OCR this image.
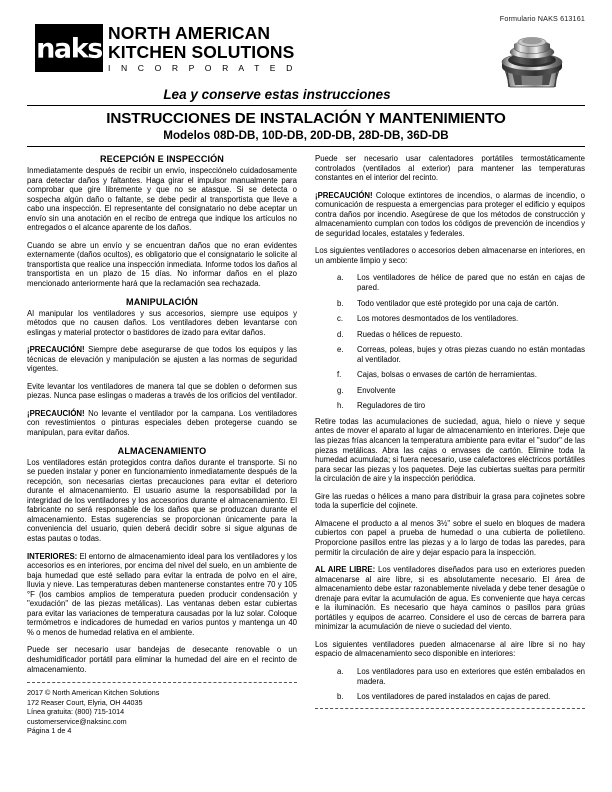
Formulario NAKS 613161
naks
NORTH AMERICAN
KITCHEN SOLUTIONS
I N C O R P O R A T E D
Lea y conserve estas instrucciones
INSTRUCCIONES DE INSTALACIÓN Y MANTENIMIENTO
Modelos 08D-DB, 10D-DB, 20D-DB, 28D-DB, 36D-DB
RECEPCIÓN E INSPECCIÓN

Inmediatamente después de recibir un envío, inspecciónelo cuidadosamente para detectar daños y faltantes. Haga girar el impulsor manualmente para comprobar que gire libremente y que no se atasque. Si se detecta o sospecha algún daño o faltante, se debe pedir al transportista que lleve a cabo una inspección. El representante del consignatario no debe aceptar un envío sin una anotación en el recibo de entrega que indique los artículos no entregados o el alcance aparente de los daños.

Cuando se abre un envío y se encuentran daños que no eran evidentes externamente (daños ocultos), es obligatorio que el consignatario le solicite al transportista que realice una inspección inmediata. Informe todos los daños al transportista en un plazo de 15 días. No informar daños en el plazo mencionado anteriormente hará que la reclamación sea rechazada.

MANIPULACIÓN

Al manipular los ventiladores y sus accesorios, siempre use equipos y métodos que no causen daños. Los ventiladores deben levantarse con eslingas y material protector o bastidores de izado para evitar daños.

¡PRECAUCIÓN! Siempre debe asegurarse de que todos los equipos y las técnicas de elevación y manipulación se ajusten a las normas de seguridad vigentes.

Evite levantar los ventiladores de manera tal que se doblen o deformen sus piezas. Nunca pase eslingas o maderas a través de los orificios del ventilador.

¡PRECAUCIÓN! No levante el ventilador por la campana. Los ventiladores con revestimientos o pinturas especiales deben protegerse cuando se manipulan, para evitar daños.

ALMACENAMIENTO

Los ventiladores están protegidos contra daños durante el transporte. Si no se pueden instalar y poner en funcionamiento inmediatamente después de la recepción, son necesarias ciertas precauciones para evitar el deterioro durante el almacenamiento. El usuario asume la responsabilidad por la integridad de los ventiladores y los accesorios durante el almacenamiento. El fabricante no será responsable de los daños que se produzcan durante el almacenamiento. Estas sugerencias se proporcionan únicamente para la conveniencia del usuario, quien deberá decidir sobre si sigue algunas de estas pautas o todas.

INTERIORES: El entorno de almacenamiento ideal para los ventiladores y los accesorios es en interiores, por encima del nivel del suelo, en un ambiente de baja humedad que esté sellado para evitar la entrada de polvo en el aire, lluvia y nieve. Las temperaturas deben mantenerse constantes entre 70 y 105 °F (los cambios amplios de temperatura pueden producir condensación y "exudación" de las piezas metálicas). Las ventanas deben estar cubiertas para evitar las variaciones de temperatura causadas por la luz solar. Coloque termómetros e indicadores de humedad en varios puntos y mantenga un 40 % o menos de humedad relativa en el ambiente.

Puede ser necesario usar bandejas de desecante renovable o un deshumidificador portátil para eliminar la humedad del aire en el recinto de almacenamiento.

2017 © North American Kitchen Solutions
172 Reaser Court, Elyria, OH 44035
Línea gratuita: (800) 715-1014
customerservice@naksinc.com
Página 1 de 4

Puede ser necesario usar calentadores portátiles termostáticamente controlados (ventilados al exterior) para mantener las temperaturas constantes en el interior del recinto.

¡PRECAUCIÓN! Coloque extintores de incendios, o alarmas de incendio, o comunicación de respuesta a emergencias para proteger el edificio y equipos contra daños por incendio. Asegúrese de que los métodos de construcción y almacenamiento cumplan con todos los códigos de prevención de incendios y de seguridad locales, estatales y federales.

Los siguientes ventiladores o accesorios deben almacenarse en interiores, en un ambiente limpio y seco:

a.	Los ventiladores de hélice de pared que no están en cajas de pared.
b.	Todo ventilador que esté protegido por una caja de cartón.
c.	Los motores desmontados de los ventiladores.
d.	Ruedas o hélices de repuesto.
e.	Correas, poleas, bujes y otras piezas cuando no están montadas al ventilador.
f.	Cajas, bolsas o envases de cartón de herramientas.
g.	Envolvente
h.	Reguladores de tiro

Retire todas las acumulaciones de suciedad, agua, hielo o nieve y seque antes de mover el aparato al lugar de almacenamiento en interiores. Deje que las piezas frías alcancen la temperatura ambiente para evitar el "sudor" de las piezas metálicas. Abra las cajas o envases de cartón. Elimine toda la humedad acumulada; si fuera necesario, use calefactores eléctricos portátiles para secar las piezas y los paquetes. Deje las cubiertas sueltas para permitir la circulación de aire y la inspección periódica.

Gire las ruedas o hélices a mano para distribuir la grasa para cojinetes sobre toda la superficie del cojinete.

Almacene el producto a al menos 3½" sobre el suelo en bloques de madera cubiertos con papel a prueba de humedad o una cubierta de polietileno. Proporcione pasillos entre las piezas y a lo largo de todas las paredes, para permitir la circulación de aire y dejar espacio para la inspección.

AL AIRE LIBRE: Los ventiladores diseñados para uso en exteriores pueden almacenarse al aire libre, si es absolutamente necesario. El área de almacenamiento debe estar razonablemente nivelada y debe tener desagüe o drenaje para evitar la acumulación de agua. Es conveniente que haya cercas e la iluminación. Es necesario que haya caminos o pasillos para grúas portátiles y equipos de acarreo. Considere el uso de cercas de barrera para minimizar la acumulación de nieve o suciedad del viento.

Los siguientes ventiladores pueden almacenarse al aire libre si no hay espacio de almacenamiento seco disponible en interiores:

a.	Los ventiladores para uso en exteriores que estén embalados en madera.
b.	Los ventiladores de pared instalados en cajas de pared.
